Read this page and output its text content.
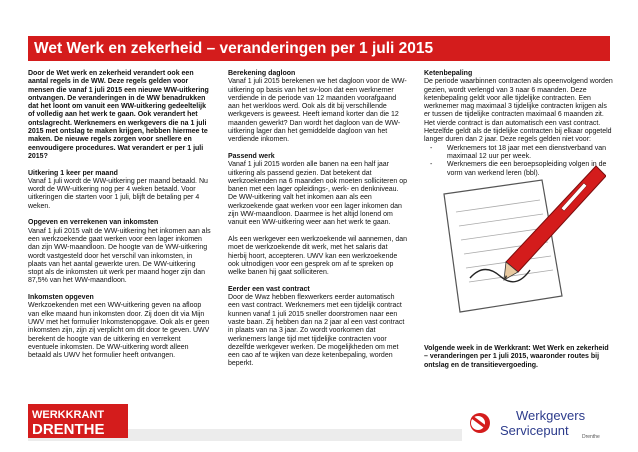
Wet Werk en zekerheid – veranderingen per 1 juli 2015

Door de Wet werk en zekerheid verandert ook een aantal regels in de WW. Deze regels gelden voor mensen die vanaf 1 juli 2015 een nieuwe WW-uitkering ontvangen. De veranderingen in de WW benadrukken dat het loont om vanuit een WW-uitkering gedeeltelijk of volledig aan het werk te gaan. Ook verandert het ontslagrecht. Werknemers en werkgevers die na 1 juli 2015 met ontslag te maken krijgen, hebben hiermee te maken. De nieuwe regels zorgen voor snellere en eenvoudigere procedures. Wat verandert er per 1 juli 2015?

Uitkering 1 keer per maand

Vanaf 1 juli wordt de WW-uitkering per maand betaald. Nu wordt de WW-uitkering nog per 4 weken betaald. Voor uitkeringen die starten voor 1 juli, blijft de betaling per 4 weken.

Opgeven en verrekenen van inkomsten

Vanaf 1 juli 2015 valt de WW-uitkering het inkomen aan als een werkzoekende gaat werken voor een lager inkomen dan zijn WW-maandloon. De hoogte van de WW-uitkering wordt vastgesteld door het verschil van inkomsten, in plaats van het aantal gewerkte uren. De WW-uitkering stopt als de inkomsten uit werk per maand hoger zijn dan 87,5% van het WW-maandloon.

Inkomsten opgeven

Werkzoekenden met een WW-uitkering geven na afloop van elke maand hun inkomsten door. Zij doen dit via Mijn UWV met het formulier Inkomstenopgave. Ook als er geen inkomsten zijn, zijn zij verplicht om dit door te geven. UWV berekent de hoogte van de uitkering en verrekent eventuele inkomsten. De WW-uitkering wordt alleen betaald als UWV het formulier heeft ontvangen.

Berekening dagloon

Vanaf 1 juli 2015 berekenen we het dagloon voor de WW-uitkering op basis van het sv-loon dat een werknemer verdiende in de periode van 12 maanden voorafgaand aan het werkloos werd. Ook als dit bij verschillende werkgevers is geweest. Heeft iemand korter dan die 12 maanden gewerkt? Dan wordt het dagloon van de WW-uitkering lager dan het gemiddelde dagloon van het verdiende inkomen.

Passend werk

Vanaf 1 juli 2015 worden alle banen na een half jaar uitkering als passend gezien. Dat betekent dat werkzoekenden na 6 maanden ook moeten solliciteren op banen met een lager opleidings-, werk- en denkniveau. De WW-uitkering valt het inkomen aan als een werkzoekende gaat werken voor een lager inkomen dan zijn WW-maandloon. Daarmee is het altijd lonend om vanuit een WW-uitkering weer aan het werk te gaan.

Als een werkgever een werkzoekende wil aannemen, dan moet de werkzoekende dit werk, met het salaris dat hierbij hoort, accepteren. UWV kan een werkzoekende ook uitnodigen voor een gesprek om af te spreken op welke banen hij gaat solliciteren.

Eerder een vast contract

Door de Wwz hebben flexwerkers eerder automatisch een vast contract. Werknemers met een tijdelijk contract kunnen vanaf 1 juli 2015 sneller doorstromen naar een vaste baan. Zij hebben dan na 2 jaar al een vast contract in plaats van na 3 jaar. Zo wordt voorkomen dat werknemers lange tijd met tijdelijke contracten voor dezelfde werkgever werken. De mogelijkheden om met een cao af te wijken van deze ketenbepaling, worden beperkt.

Ketenbepaling

De periode waarbinnen contracten als opeenvolgend worden gezien, wordt verlengd van 3 naar 6 maanden. Deze ketenbepaling geldt voor alle tijdelijke contracten. Een werknemer mag maximaal 3 tijdelijke contracten krijgen als er tussen de tijdelijke contracten maximaal 6 maanden zit. Het vierde contract is dan automatisch een vast contract. Hetzelfde geldt als de tijdelijke contracten bij elkaar opgeteld langer duren dan 2 jaar. Deze regels gelden niet voor:

- Werknemers tot 18 jaar met een dienstverband van maximaal 12 uur per week.
- Werknemers die een beroepsopleiding volgen in de vorm van werkend leren (bbl).

Volgende week in de Werkkrant: Wet Werk en zekerheid – veranderingen per 1 juli 2015, waaronder routes bij ontslag en de transitievergoeding.

WERKKRANT
DRENTHE
Werkgevers
Servicepunt	Drenthe
